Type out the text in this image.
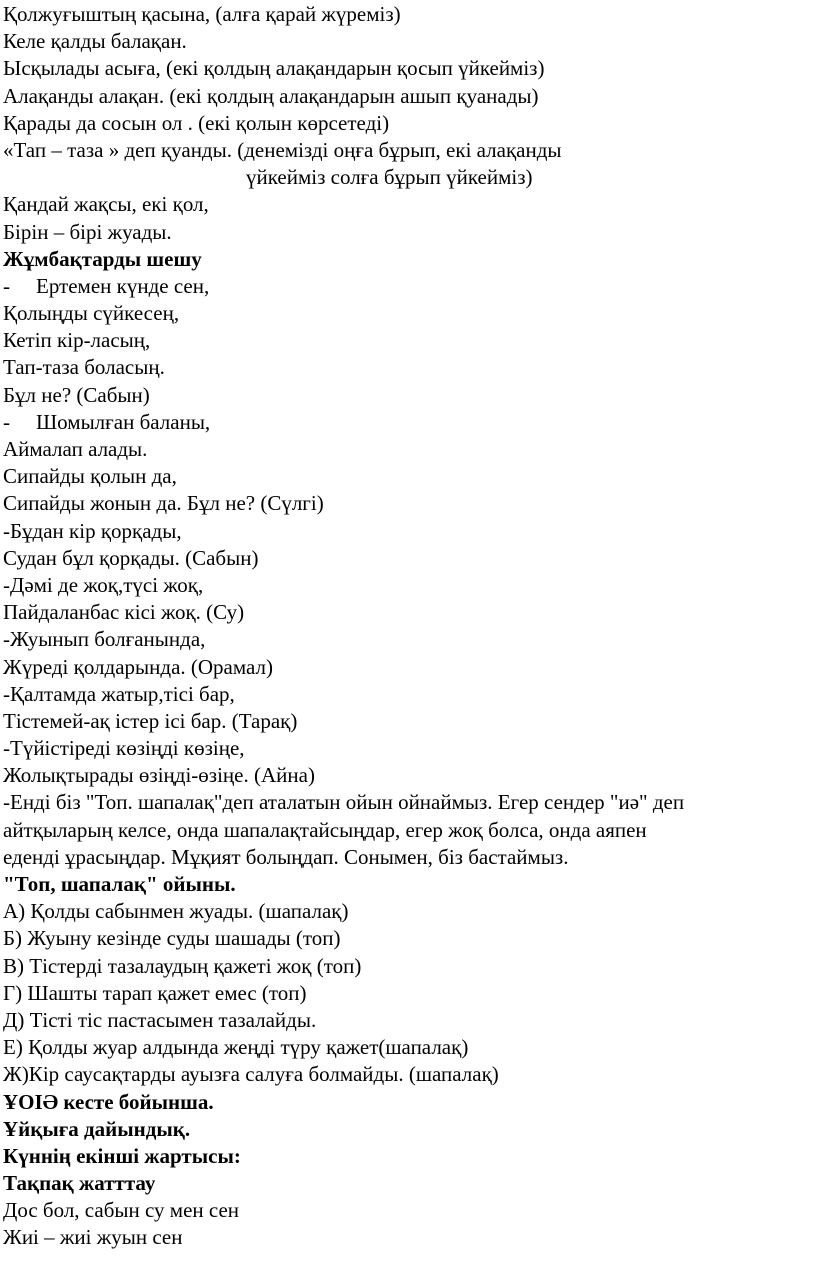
Қолжуғыштың қасына, (алға қарай жүреміз)
Келе қалды балақан.
Ысқылады асыға, (екі қолдың алақандарын қосып үйкейміз)
Алақанды алақан. (екі қолдың алақандарын ашып қуанады)
Қарады да сосын ол . (екі қолын көрсетеді)
«Тап – таза » деп қуанды. (денемізді оңға бұрып, екі алақанды
үйкейміз солға бұрып үйкейміз)
Қандай жақсы, екі қол,
Бірін – бірі жуады.
Жұмбақтарды шешу
- Ертемен күнде сен,
Қолыңды сүйкесең,
Кетіп кір-ласың,
Тап-таза боласың.
Бұл не? (Сабын)
- Шомылған баланы,
Аймалап алады.
Сипайды қолын да,
Сипайды жонын да. Бұл не? (Сүлгі)
-Бұдан кір қорқады,
Судан бұл қорқады. (Сабын)
-Дәмі де жоқ,түсі жоқ,
Пайдаланбас кісі жоқ. (Су)
-Жуынып болғанында,
Жүреді қолдарында. (Орамал)
-Қалтамда жатыр,тісі бар,
Тістемей-ақ істер ісі бар. (Тарақ)
-Түйістіреді көзіңді көзіңе,
Жолықтырады өзіңді-өзіңе. (Айна)
-Енді біз "Топ. шапалақ"деп аталатын ойын ойнаймыз. Егер сендер "иә" деп
айтқыларың келсе, онда шапалақтайсыңдар, егер жоқ болса, онда аяпен
еденді ұрасыңдар. Мұқият болыңдап. Сонымен, біз бастаймыз.
"Топ, шапалақ" ойыны.
А) Қолды сабынмен жуады. (шапалақ)
Б) Жуыну кезінде суды шашады (топ)
В) Тістерді тазалаудың қажеті жоқ (топ)
Г) Шашты тарап қажет емес (топ)
Д) Тісті тіс пастасымен тазалайды.
Е) Қолды жуар алдында жеңді түру қажет(шапалақ)
Ж)Кір саусақтарды ауызға салуға болмайды. (шапалақ)
ҰОІӘ кесте бойынша.
Ұйқыға дайындық.
Күннің екінші жартысы:
Тақпақ жатттау
Дос бол, сабын су мен сен
Жиі – жиі жуын сен
